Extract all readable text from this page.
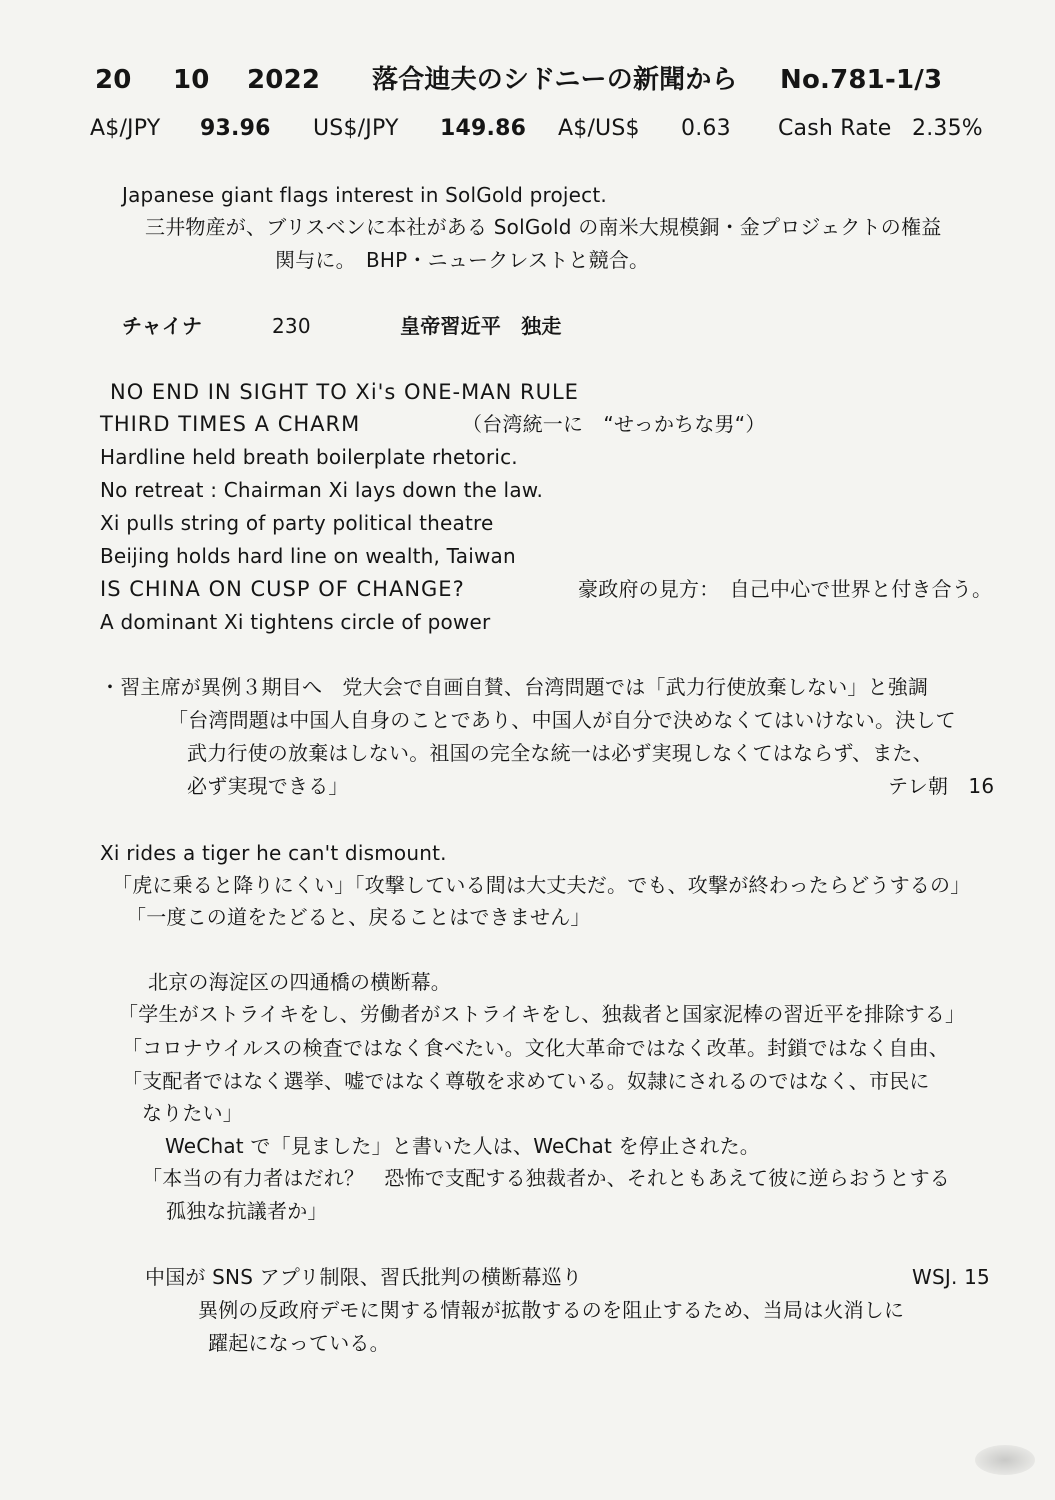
20 10 2022 落合迪夫のシドニーの新聞から No.781-1/3
A$/JPY 93.96 US$/JPY 149.86 A$/US$ 0.63 Cash Rate 2.35%
Japanese giant flags interest in SolGold project.
三井物産が、ブリスベンに本社がある SolGold の南米大規模銅・金プロジェクトの権益
関与に。　BHP・ニュークレストと競合。
チャイナ	230	皇帝習近平　独走
NO END IN SIGHT TO Xi's ONE-MAN RULE
THIRD TIMES A CHARM	（台湾統一に　“せっかちな男“）
Hardline held breath boilerplate rhetoric.
No retreat : Chairman Xi lays down the law.
Xi pulls string of party political theatre
Beijing holds hard line on wealth, Taiwan
IS CHINA ON CUSP OF CHANGE?	豪政府の見方：　自己中心で世界と付き合う。
A dominant Xi tightens circle of power
・習主席が異例３期目へ　党大会で自画自賛、台湾問題では「武力行使放棄しない」と強調
「台湾問題は中国人自身のことであり、中国人が自分で決めなくてはいけない。決して
武力行使の放棄はしない。祖国の完全な統一は必ず実現しなくてはならず、また、
必ず実現できる」	テレ朝　16
Xi rides a tiger he can't dismount.
「虎に乗ると降りにくい」「攻撃している間は大丈夫だ。でも、攻撃が終わったらどうするの」
「一度この道をたどると、戻ることはできません」
北京の海淀区の四通橋の横断幕。
「学生がストライキをし、労働者がストライキをし、独裁者と国家泥棒の習近平を排除する」
「コロナウイルスの検査ではなく食べたい。文化大革命ではなく改革。封鎖ではなく自由、
「支配者ではなく選挙、嘘ではなく尊敬を求めている。奴隷にされるのではなく、市民に
なりたい」
WeChat で「見ました」と書いた人は、WeChat を停止された。
「本当の有力者はだれ？　恐怖で支配する独裁者か、それともあえて彼に逆らおうとする
孤独な抗議者か」
中国が SNS アプリ制限、習氏批判の横断幕巡り	WSJ. 15
異例の反政府デモに関する情報が拡散するのを阻止するため、当局は火消しに
躍起になっている。
